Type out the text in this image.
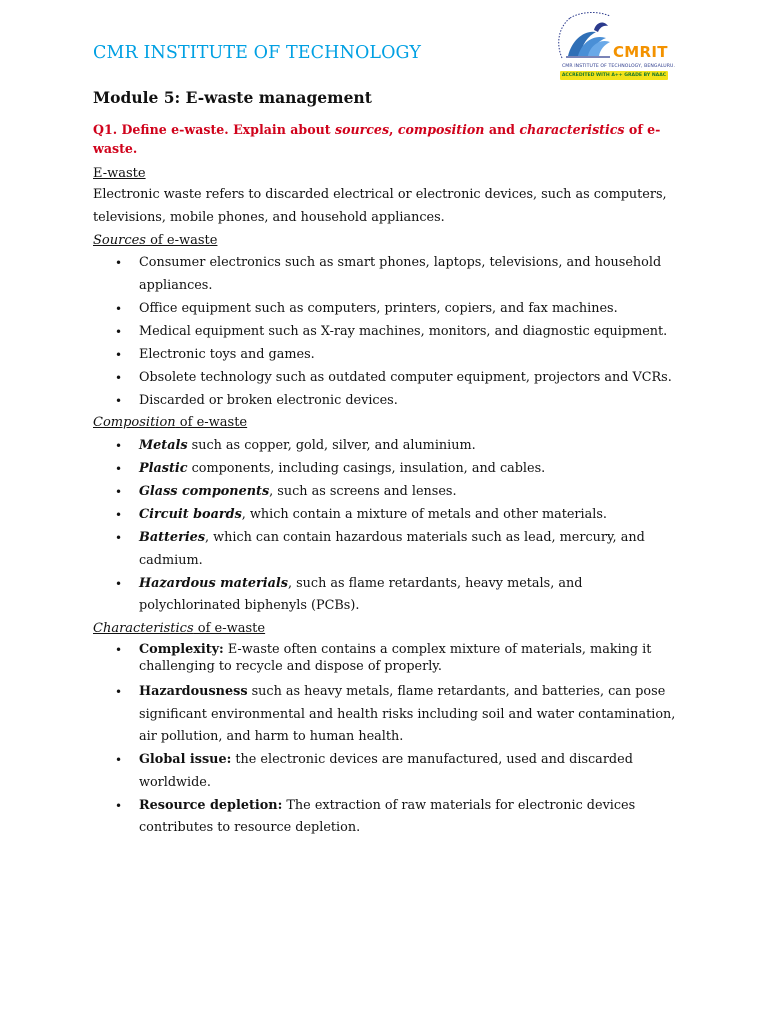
CMR INSTITUTE OF TECHNOLOGY	CMRIT
CMR INSTITUTE OF TECHNOLOGY, BENGALURU.
ACCREDITED WITH A++ GRADE BY NAAC
Module 5: E-waste management
Q1. Define e-waste. Explain about sources, composition and characteristics of e-waste.
E-waste
Electronic waste refers to discarded electrical or electronic devices, such as computers, televisions, mobile phones, and household appliances.
Sources of e-waste
• Consumer electronics such as smart phones, laptops, televisions, and household appliances.
• Office equipment such as computers, printers, copiers, and fax machines.
• Medical equipment such as X-ray machines, monitors, and diagnostic equipment.
• Electronic toys and games.
• Obsolete technology such as outdated computer equipment, projectors and VCRs.
• Discarded or broken electronic devices.
Composition of e-waste
• Metals such as copper, gold, silver, and aluminium.
• Plastic components, including casings, insulation, and cables.
• Glass components, such as screens and lenses.
• Circuit boards, which contain a mixture of metals and other materials.
• Batteries, which can contain hazardous materials such as lead, mercury, and cadmium.
• Hazardous materials, such as flame retardants, heavy metals, and polychlorinated biphenyls (PCBs).
Characteristics of e-waste
• Complexity: E-waste often contains a complex mixture of materials, making it challenging to recycle and dispose of properly.
• Hazardousness such as heavy metals, flame retardants, and batteries, can pose significant environmental and health risks including soil and water contamination, air pollution, and harm to human health.
• Global issue: the electronic devices are manufactured, used and discarded worldwide.
• Resource depletion: The extraction of raw materials for electronic devices contributes to resource depletion.
